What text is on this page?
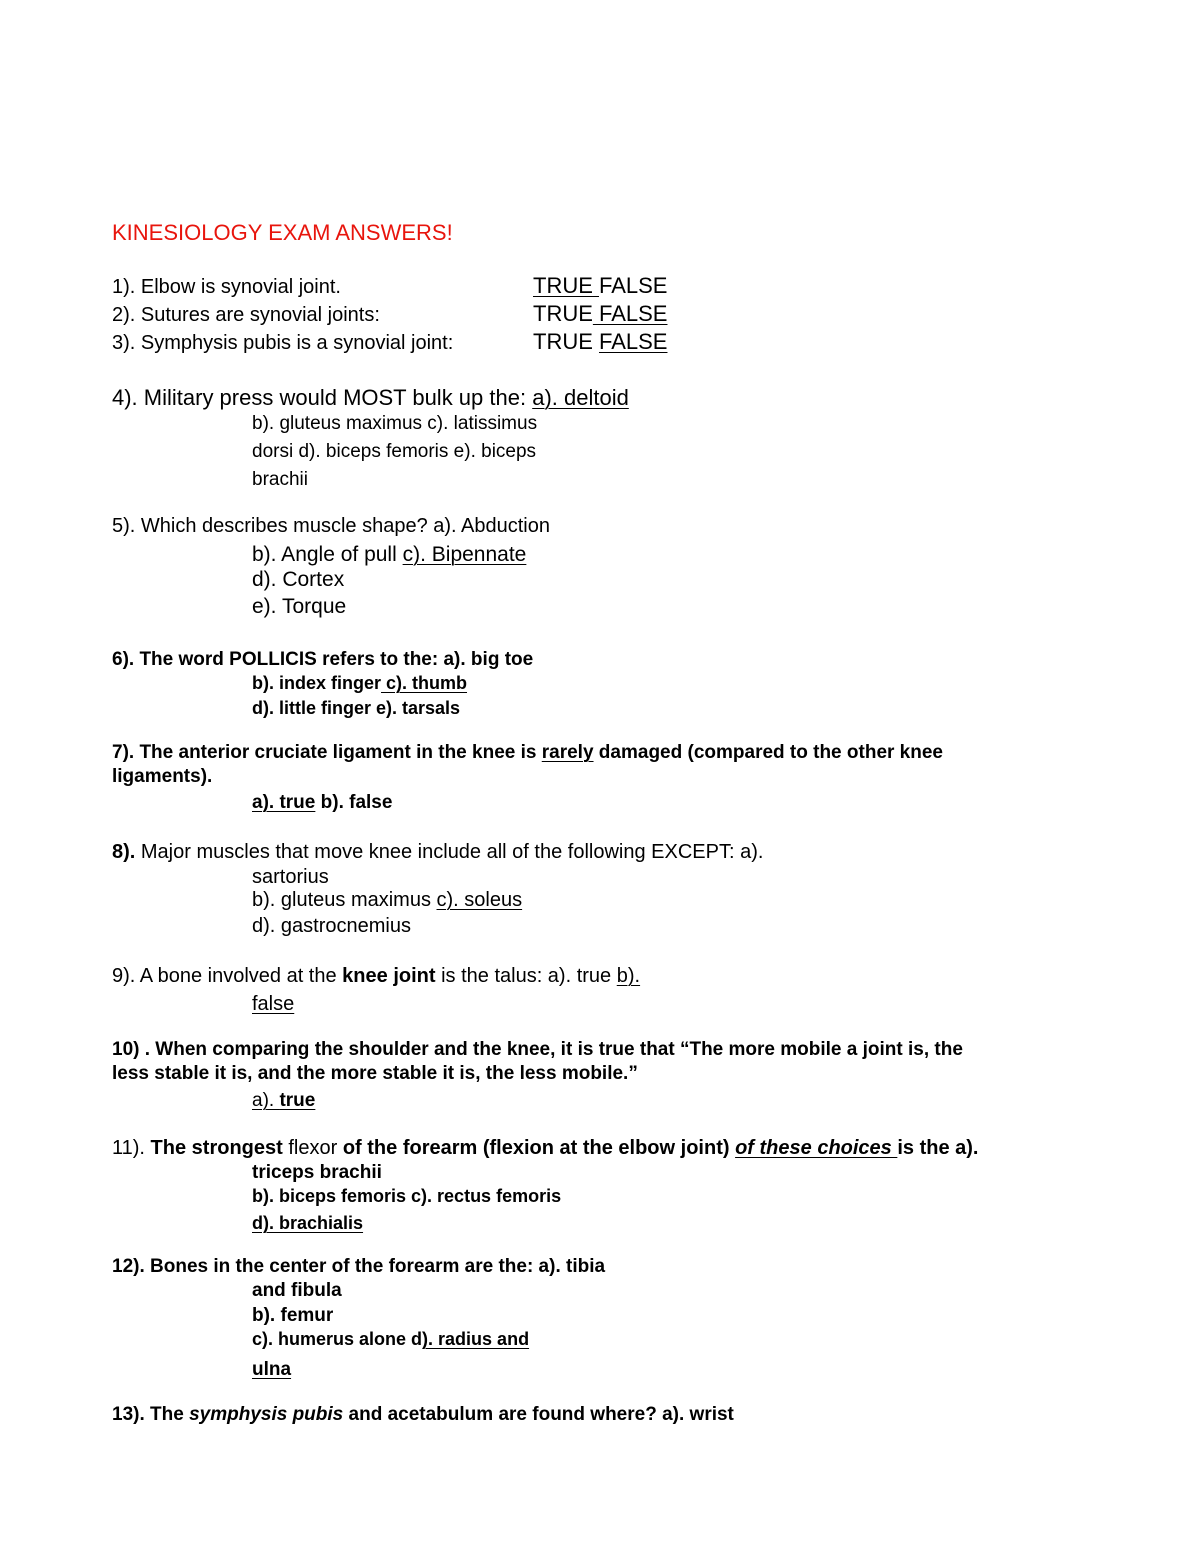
KINESIOLOGY EXAM ANSWERS!
1). Elbow is synovial joint.	TRUE FALSE
2). Sutures are synovial joints:	TRUE FALSE
3). Symphysis pubis is a synovial joint:	TRUE FALSE
4). Military press would MOST bulk up the: a). deltoid
b). gluteus maximus c). latissimus
dorsi d). biceps femoris e). biceps
brachii
5). Which describes muscle shape? a). Abduction
b). Angle of pull c). Bipennate
d). Cortex
e). Torque
6). The word POLLICIS refers to the: a). big toe
b). index finger c). thumb
d). little finger e). tarsals
7). The anterior cruciate ligament in the knee is rarely damaged (compared to the other knee
ligaments).
a). true b). false
8). Major muscles that move knee include all of the following EXCEPT: a).
sartorius
b). gluteus maximus c). soleus
d). gastrocnemius
9). A bone involved at the knee joint is the talus: a). true b).
false
10) . When comparing the shoulder and the knee, it is true that “The more mobile a joint is, the
less stable it is, and the more stable it is, the less mobile.”
a). true
11). The strongest flexor of the forearm (flexion at the elbow joint) of these choices is the a).
triceps brachii
b). biceps femoris c). rectus femoris
d). brachialis
12). Bones in the center of the forearm are the: a). tibia
and fibula
b). femur
c). humerus alone d). radius and
ulna
13). The symphysis pubis and acetabulum are found where? a). wrist
